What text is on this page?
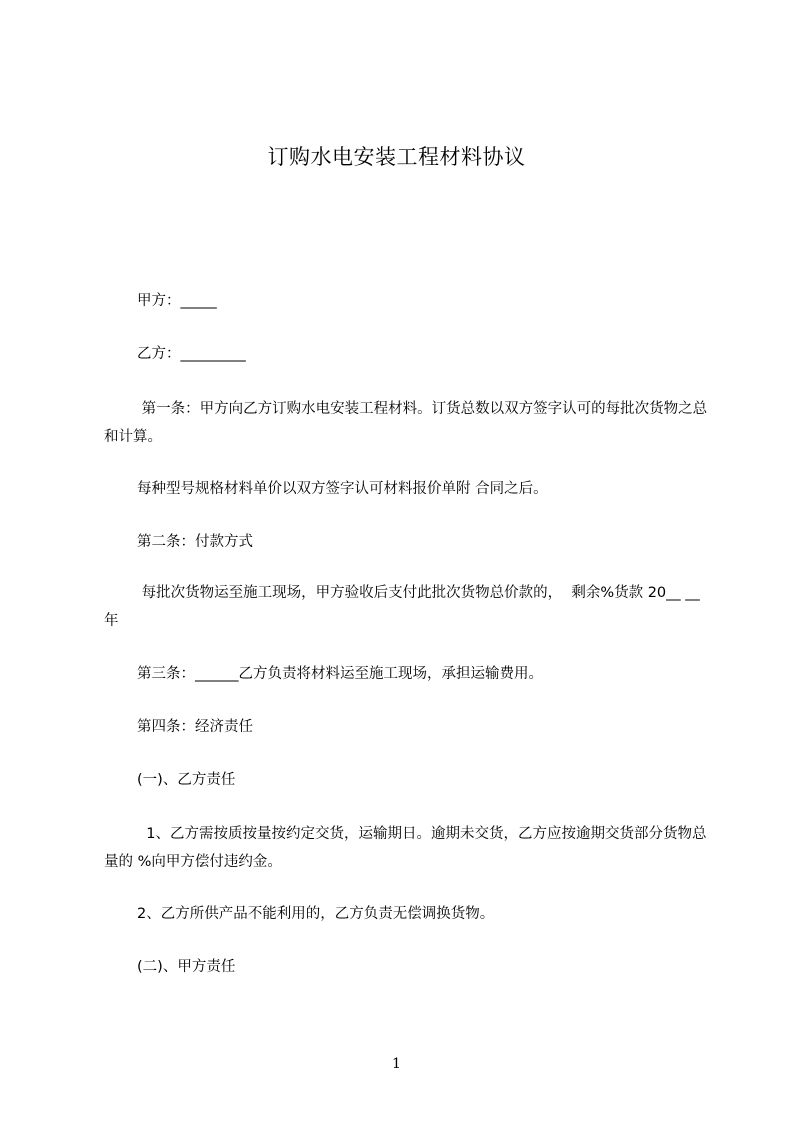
订购水电安装工程材料协议

甲方：_____

乙方：_________

第一条：甲方向乙方订购水电安装工程材料。订货总数以双方签字认可的每批次货物之总和计算。

每种型号规格材料单价以双方签字认可材料报价单附 合同之后。

第二条：付款方式

每批次货物运至施工现场，甲方验收后支付此批次货物总价款的，  剩余%货款 20__ __ 年

第三条：______乙方负责将材料运至施工现场，承担运输费用。

第四条：经济责任

(一)、乙方责任

1、乙方需按质按量按约定交货，运输期日。逾期未交货，乙方应按逾期交货部分货物总量的 %向甲方偿付违约金。

2、乙方所供产品不能利用的，乙方负责无偿调换货物。

(二)、甲方责任

1
